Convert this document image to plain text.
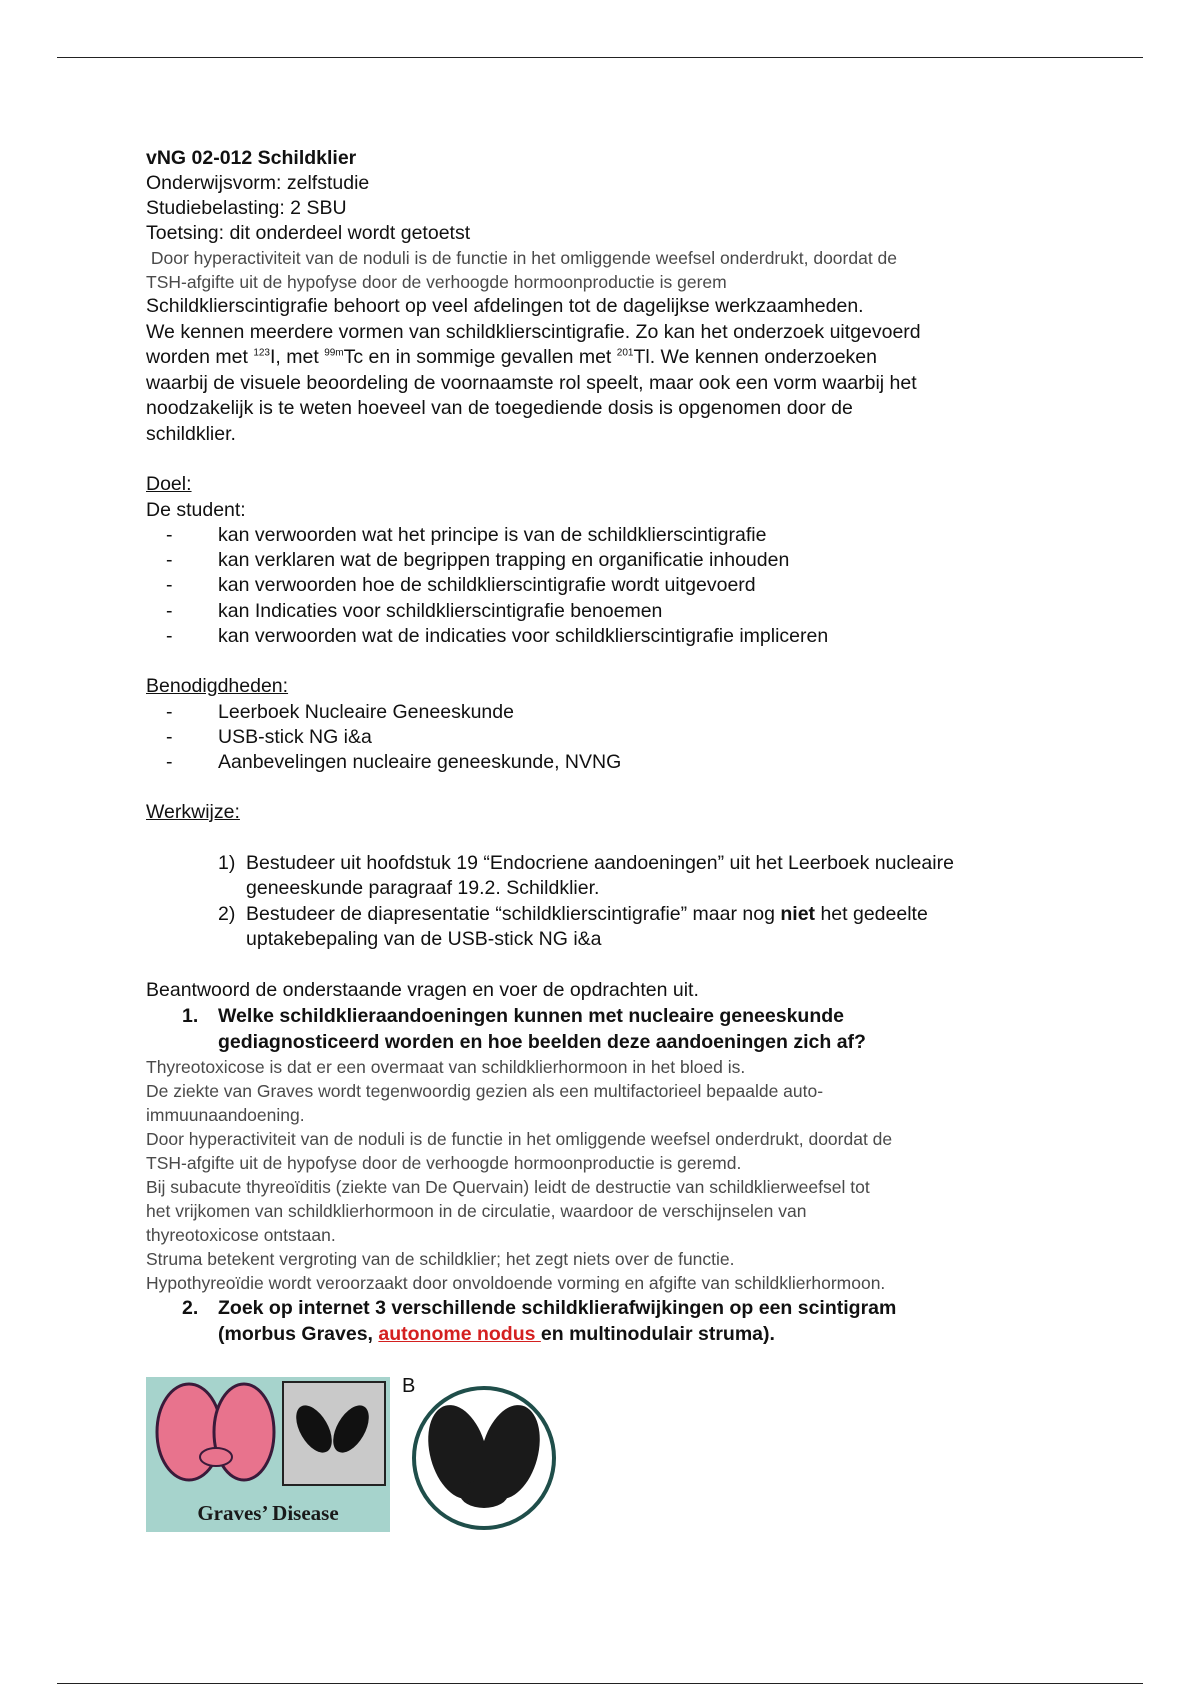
vNG 02-012 Schildklier
Onderwijsvorm: zelfstudie
Studiebelasting: 2 SBU
Toetsing: dit onderdeel wordt getoetst
Door hyperactiviteit van de noduli is de functie in het omliggende weefsel onderdrukt, doordat de
TSH-afgifte uit de hypofyse door de verhoogde hormoonproductie is gerem
Schildklierscintigrafie behoort op veel afdelingen tot de dagelijkse werkzaamheden.
We kennen meerdere vormen van schildklierscintigrafie. Zo kan het onderzoek uitgevoerd
worden met $^{123}$I, met $^{99m}$Tc en in sommige gevallen met $^{201}$Tl. We kennen onderzoeken
waarbij de visuele beoordeling de voornaamste rol speelt, maar ook een vorm waarbij het
noodzakelijk is te weten hoeveel van de toegediende dosis is opgenomen door de
schildklier.
Doel:
De student:
- kan verwoorden wat het principe is van de schildklierscintigrafie
- kan verklaren wat de begrippen trapping en organificatie inhouden
- kan verwoorden hoe de schildklierscintigrafie wordt uitgevoerd
- kan Indicaties voor schildklierscintigrafie benoemen
- kan verwoorden wat de indicaties voor schildklierscintigrafie impliceren
Benodigdheden:
- Leerboek Nucleaire Geneeskunde
- USB-stick NG i&a
- Aanbevelingen nucleaire geneeskunde, NVNG
Werkwijze:
1) Bestudeer uit hoofdstuk 19 “Endocriene aandoeningen” uit het Leerboek nucleaire
geneeskunde paragraaf 19.2. Schildklier.
2) Bestudeer de diapresentatie “schildklierscintigrafie” maar nog niet het gedeelte
uptakebepaling van de USB-stick NG i&a
Beantwoord de onderstaande vragen en voer de opdrachten uit.
1. Welke schildklieraandoeningen kunnen met nucleaire geneeskunde
gediagnosticeerd worden en hoe beelden deze aandoeningen zich af?
Thyreotoxicose is dat er een overmaat van schildklierhormoon in het bloed is.
De ziekte van Graves wordt tegenwoordig gezien als een multifactorieel bepaalde auto-
immuunaandoening.
Door hyperactiviteit van de noduli is de functie in het omliggende weefsel onderdrukt, doordat de
TSH-afgifte uit de hypofyse door de verhoogde hormoonproductie is geremd.
Bij subacute thyreoïditis (ziekte van De Quervain) leidt de destructie van schildklierweefsel tot
het vrijkomen van schildklierhormoon in de circulatie, waardoor de verschijnselen van
thyreotoxicose ontstaan.
Struma betekent vergroting van de schildklier; het zegt niets over de functie.
Hypothyreoïdie wordt veroorzaakt door onvoldoende vorming en afgifte van schildklierhormoon.
2. Zoek op internet 3 verschillende schildklierafwijkingen op een scintigram
(morbus Graves, autonome nodus en multinodulair struma).
Graves’ Disease
B
